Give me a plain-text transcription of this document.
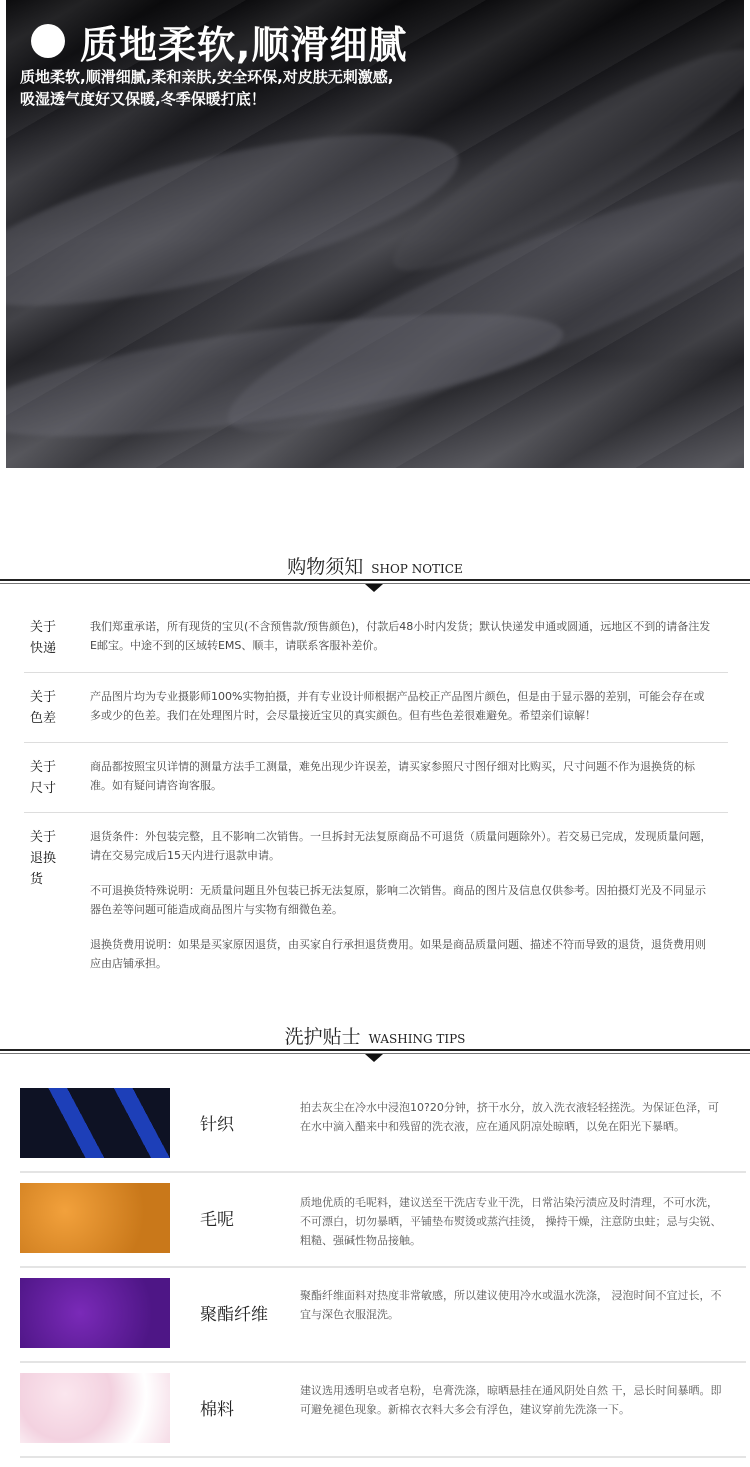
质地柔软,顺滑细腻
质地柔软,顺滑细腻,柔和亲肤,安全环保,对皮肤无刺激感,
吸湿透气度好又保暖,冬季保暖打底！
购物须知 SHOP NOTICE
关于
快递

我们郑重承诺，所有现货的宝贝(不含预售款/预售颜色)，付款后48小时内发货；默认快递发申通或圆通，远地区不到的请备注发E邮宝。中途不到的区域转EMS、顺丰，请联系客服补差价。

关于
色差

产品图片均为专业摄影师100%实物拍摄，并有专业设计师根据产品校正产品图片颜色，但是由于显示器的差别，可能会存在或多或少的色差。我们在处理图片时，会尽量接近宝贝的真实颜色。但有些色差很难避免。希望亲们谅解！

关于
尺寸

商品都按照宝贝详情的测量方法手工测量，难免出现少许误差，请买家参照尺寸图仔细对比购买，尺寸问题不作为退换货的标准。如有疑问请咨询客服。

关于
退换货

退货条件：外包装完整，且不影响二次销售。一旦拆封无法复原商品不可退货（质量问题除外）。若交易已完成，发现质量问题，请在交易完成后15天内进行退款申请。

不可退换货特殊说明：无质量问题且外包装已拆无法复原，影响二次销售。商品的图片及信息仅供参考。因拍摄灯光及不同显示器色差等问题可能造成商品图片与实物有细微色差。

退换货费用说明：如果是买家原因退货，由买家自行承担退货费用。如果是商品质量问题、描述不符而导致的退货，退货费用则应由店铺承担。

洗护贴士 WASHING TIPS
针织
拍去灰尘在冷水中浸泡10?20分钟，挤干水分，放入洗衣液轻轻搓洗。为保证色泽，可在水中滴入醋来中和残留的洗衣液，应在通风阴凉处晾晒，以免在阳光下暴晒。
毛呢
质地优质的毛呢料，建议送至干洗店专业干洗，日常沾染污渍应及时清理，不可水洗，不可漂白，切勿暴晒，平铺垫布熨烫或蒸汽挂烫， 操持干燥，注意防虫蛀；忌与尖锐、粗糙、强碱性物品接触。
聚酯纤维
聚酯纤维面料对热度非常敏感，所以建议使用冷水或温水洗涤， 浸泡时间不宜过长，不宜与深色衣服混洗。
棉料
建议选用透明皂或者皂粉，皂膏洗涤，晾晒悬挂在通风阴处自然 干，忌长时间暴晒。即可避免褪色现象。新棉衣衣料大多会有浮色，建议穿前先洗涤一下。
